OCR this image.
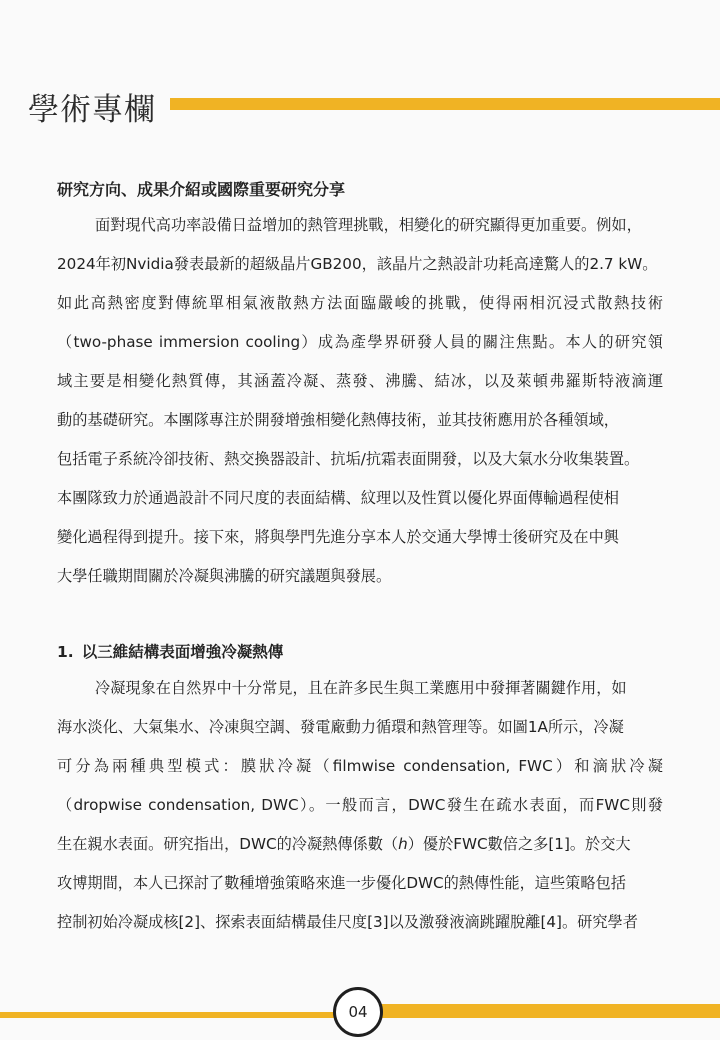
學術專欄
研究方向、成果介紹或國際重要研究分享
面對現代高功率設備日益增加的熱管理挑戰，相變化的研究顯得更加重要。例如，
2024年初Nvidia發表最新的超級晶片GB200，該晶片之熱設計功耗高達驚人的2.7 kW。
如此高熱密度對傳統單相氣液散熱方法面臨嚴峻的挑戰，使得兩相沉浸式散熱技術
（two-phase immersion cooling）成為產學界研發人員的關注焦點。本人的研究領
域主要是相變化熱質傳，其涵蓋冷凝、蒸發、沸騰、結冰，以及萊頓弗羅斯特液滴運
動的基礎研究。本團隊專注於開發增強相變化熱傳技術，並其技術應用於各種領域，
包括電子系統冷卻技術、熱交換器設計、抗垢/抗霜表面開發，以及大氣水分收集裝置。
本團隊致力於通過設計不同尺度的表面結構、紋理以及性質以優化界面傳輸過程使相
變化過程得到提升。接下來，將與學門先進分享本人於交通大學博士後研究及在中興
大學任職期間關於冷凝與沸騰的研究議題與發展。
1. 以三維結構表面增強冷凝熱傳
冷凝現象在自然界中十分常見，且在許多民生與工業應用中發揮著關鍵作用，如
海水淡化、大氣集水、冷凍與空調、發電廠動力循環和熱管理等。如圖1A所示，冷凝
可分為兩種典型模式：膜狀冷凝（filmwise condensation, FWC）和滴狀冷凝
（dropwise condensation, DWC）。一般而言，DWC發生在疏水表面，而FWC則發
生在親水表面。研究指出，DWC的冷凝熱傳係數（ℎ）優於FWC數倍之多[1]。於交大
攻博期間，本人已探討了數種增強策略來進一步優化DWC的熱傳性能，這些策略包括
控制初始冷凝成核[2]、探索表面結構最佳尺度[3]以及激發液滴跳躍脫離[4]。研究學者
04
